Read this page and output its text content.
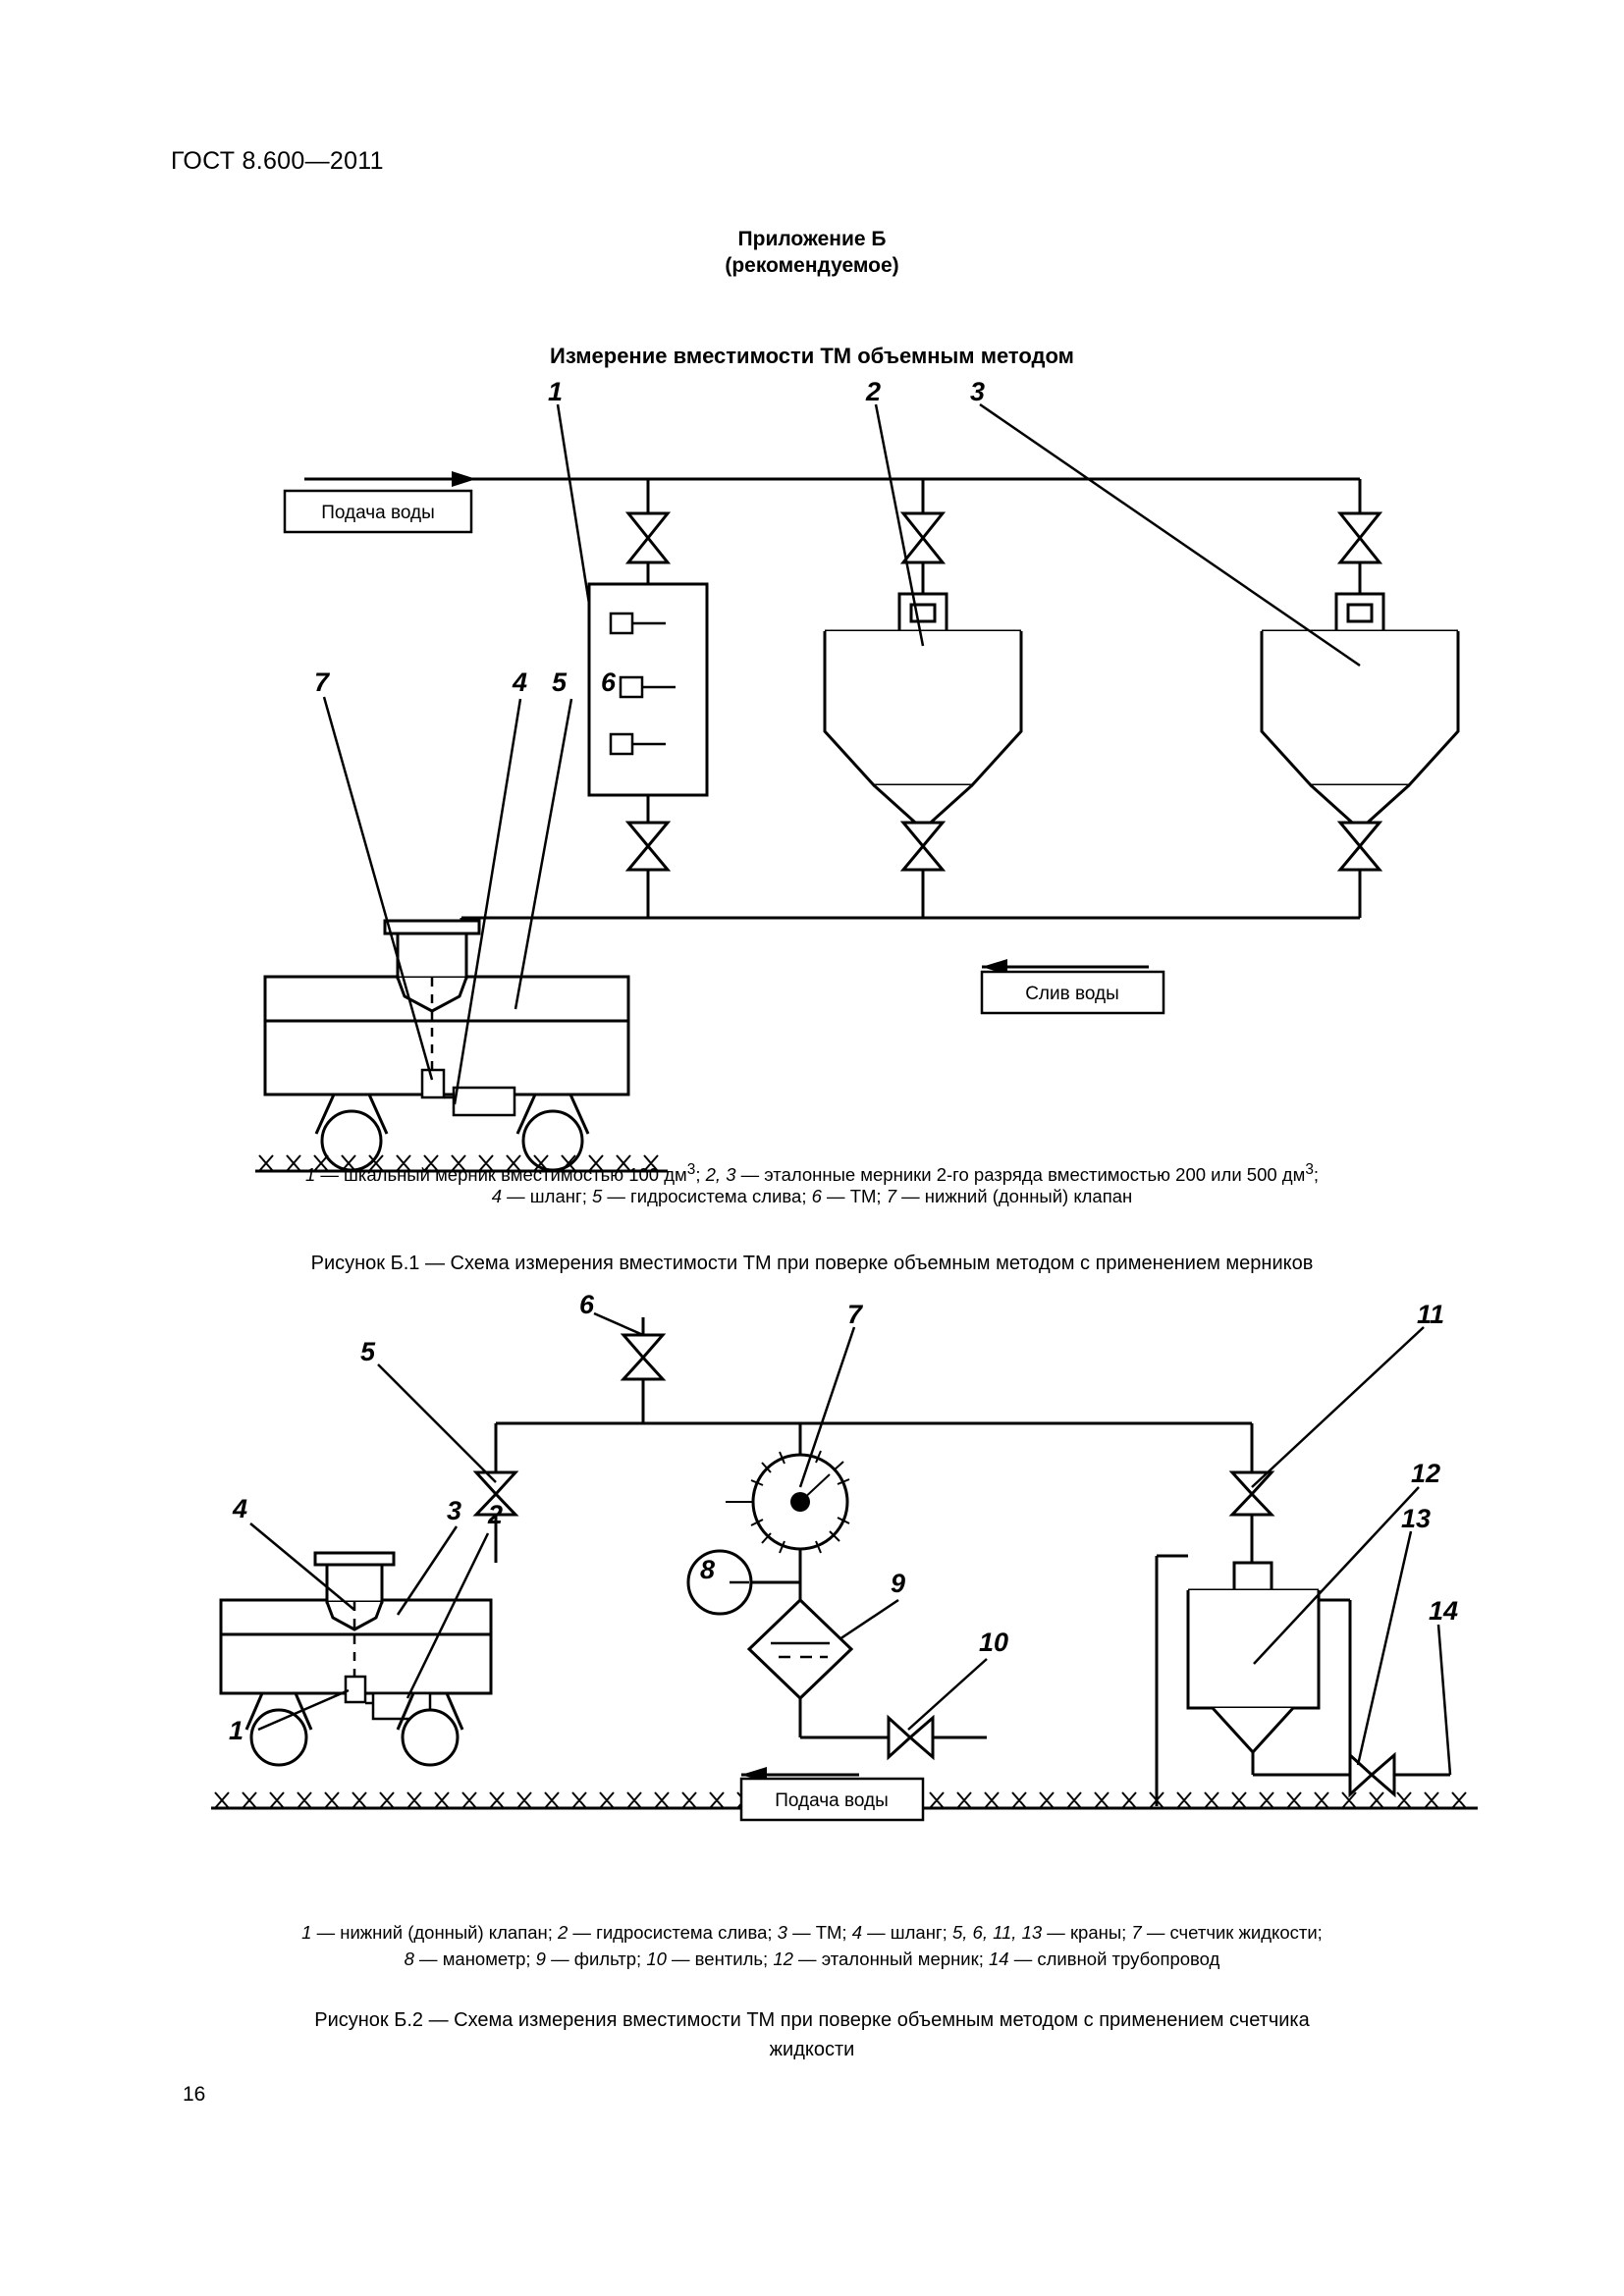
ГОСТ 8.600—2011
Приложение Б
(рекомендуемое)
Измерение вместимости ТМ объемным методом
Подача воды
Слив воды
1	2	3
7	4 5 6
1 — шкальный мерник вместимостью 100 $дм^3$; 2, 3 — эталонные мерники 2-го разряда вместимостью 200 или 500 $дм^3$;
4 — шланг; 5 — гидросистема слива; 6 — ТМ; 7 — нижний (донный) клапан
Рисунок Б.1 — Схема измерения вместимости ТМ при поверке объемным методом с применением мерников
Подача воды
6
5
7	11
12
13
14
4	3 2
1
8	9
10
1 — нижний (донный) клапан; 2 — гидросистема слива; 3 — ТМ; 4 — шланг; 5, 6, 11, 13 — краны; 7 — счетчик жидкости;
8 — манометр; 9 — фильтр; 10 — вентиль; 12 — эталонный мерник; 14 — сливной трубопровод
Рисунок Б.2 — Схема измерения вместимости ТМ при поверке объемным методом с применением счетчика
жидкости
16
